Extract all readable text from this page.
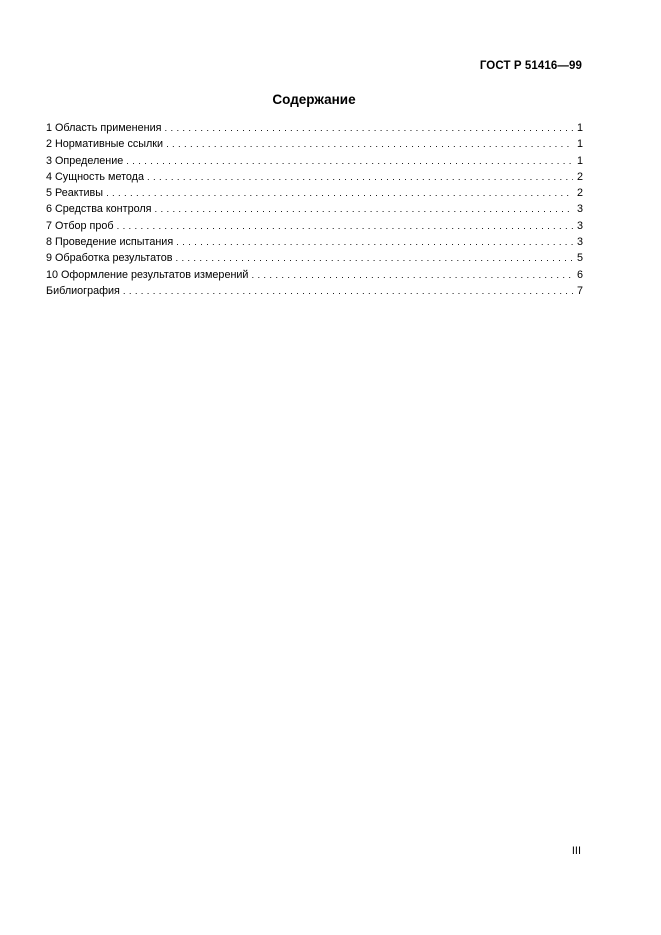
ГОСТ Р 51416—99
Содержание
1 Область применения . . .	1
2 Нормативные ссылки . . .	1
3 Определение . . .	1
4 Сущность метода . . .	2
5 Реактивы . . .	2
6 Средства контроля . . .	3
7 Отбор проб . . .	3
8 Проведение испытания . . .	3
9 Обработка результатов . . .	5
10 Оформление результатов измерений . . .	6
Библиография . . .	7
III
